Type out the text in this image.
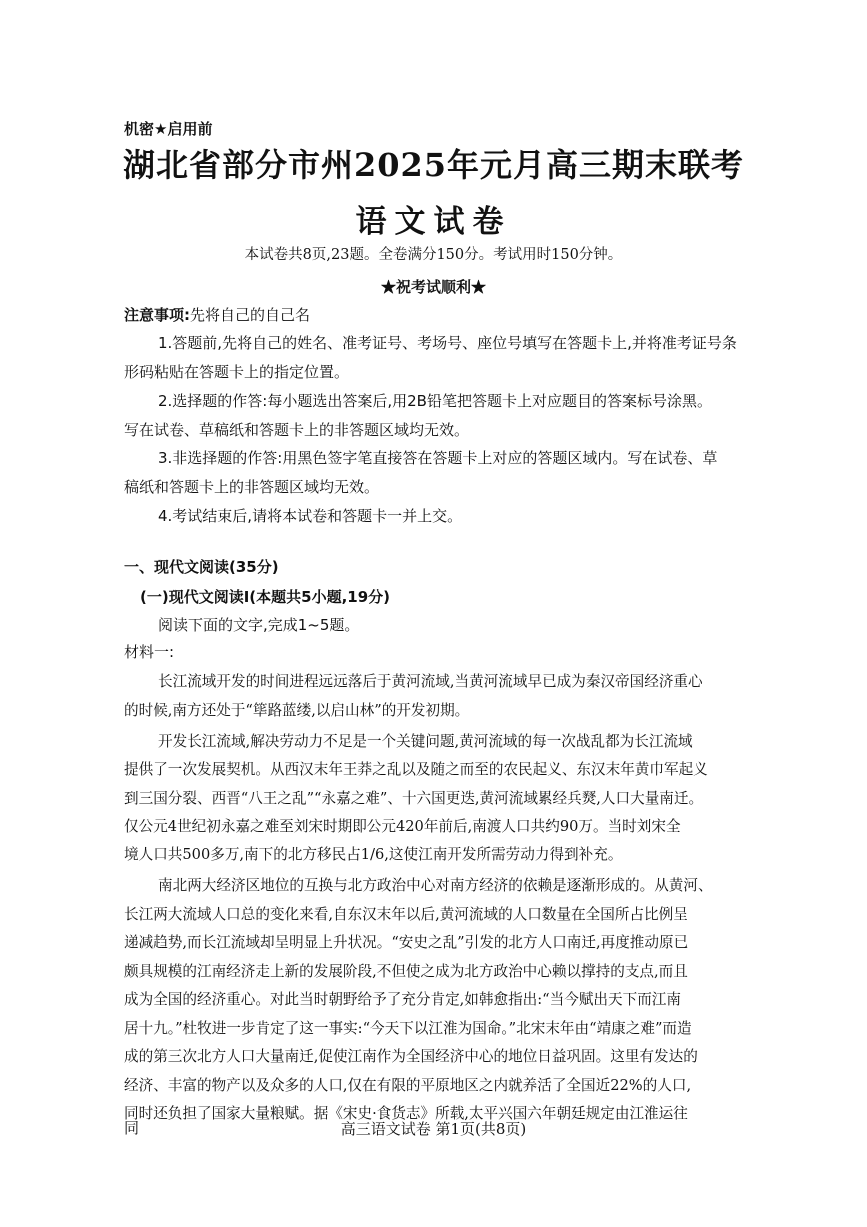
机密★启用前
湖北省部分市州2025年元月高三期末联考
语文试卷
本试卷共8页,23题。全卷满分150分。考试用时150分钟。
★祝考试顺利★
注意事项:先将自己的自己名
1.答题前,先将自己的姓名、准考证号、考场号、座位号填写在答题卡上,并将准考证号条
形码粘贴在答题卡上的指定位置。
2.选择题的作答:每小题选出答案后,用2B铅笔把答题卡上对应题目的答案标号涂黑。
写在试卷、草稿纸和答题卡上的非答题区域均无效。
3.非选择题的作答:用黑色签字笔直接答在答题卡上对应的答题区域内。写在试卷、草
稿纸和答题卡上的非答题区域均无效。
4.考试结束后,请将本试卷和答题卡一并上交。
一、现代文阅读(35分)
(一)现代文阅读Ⅰ(本题共5小题,19分)
阅读下面的文字,完成1~5题。
材料一:
长江流域开发的时间进程远远落后于黄河流域,当黄河流域早已成为秦汉帝国经济重心
的时候,南方还处于“筚路蓝缕,以启山林”的开发初期。
开发长江流域,解决劳动力不足是一个关键问题,黄河流域的每一次战乱都为长江流域
提供了一次发展契机。从西汉末年王莽之乱以及随之而至的农民起义、东汉末年黄巾军起义
到三国分裂、西晋“八王之乱”“永嘉之难”、十六国更迭,黄河流域累经兵燹,人口大量南迁。
仅公元4世纪初永嘉之难至刘宋时期即公元420年前后,南渡人口共约90万。当时刘宋全
境人口共500多万,南下的北方移民占1/6,这使江南开发所需劳动力得到补充。
南北两大经济区地位的互换与北方政治中心对南方经济的依赖是逐渐形成的。从黄河、
长江两大流域人口总的变化来看,自东汉末年以后,黄河流域的人口数量在全国所占比例呈
递减趋势,而长江流域却呈明显上升状况。“安史之乱”引发的北方人口南迁,再度推动原已
颇具规模的江南经济走上新的发展阶段,不但使之成为北方政治中心赖以撑持的支点,而且
成为全国的经济重心。对此当时朝野给予了充分肯定,如韩愈指出:“当今赋出天下而江南
居十九。”杜牧进一步肯定了这一事实:“今天下以江淮为国命。”北宋末年由“靖康之难”而造
成的第三次北方人口大量南迁,促使江南作为全国经济中心的地位日益巩固。这里有发达的
经济、丰富的物产以及众多的人口,仅在有限的平原地区之内就养活了全国近22%的人口,
同时还负担了国家大量粮赋。据《宋史·食货志》所载,太平兴国六年朝廷规定由江淮运往
同	高三语文试卷 第1页(共8页)
